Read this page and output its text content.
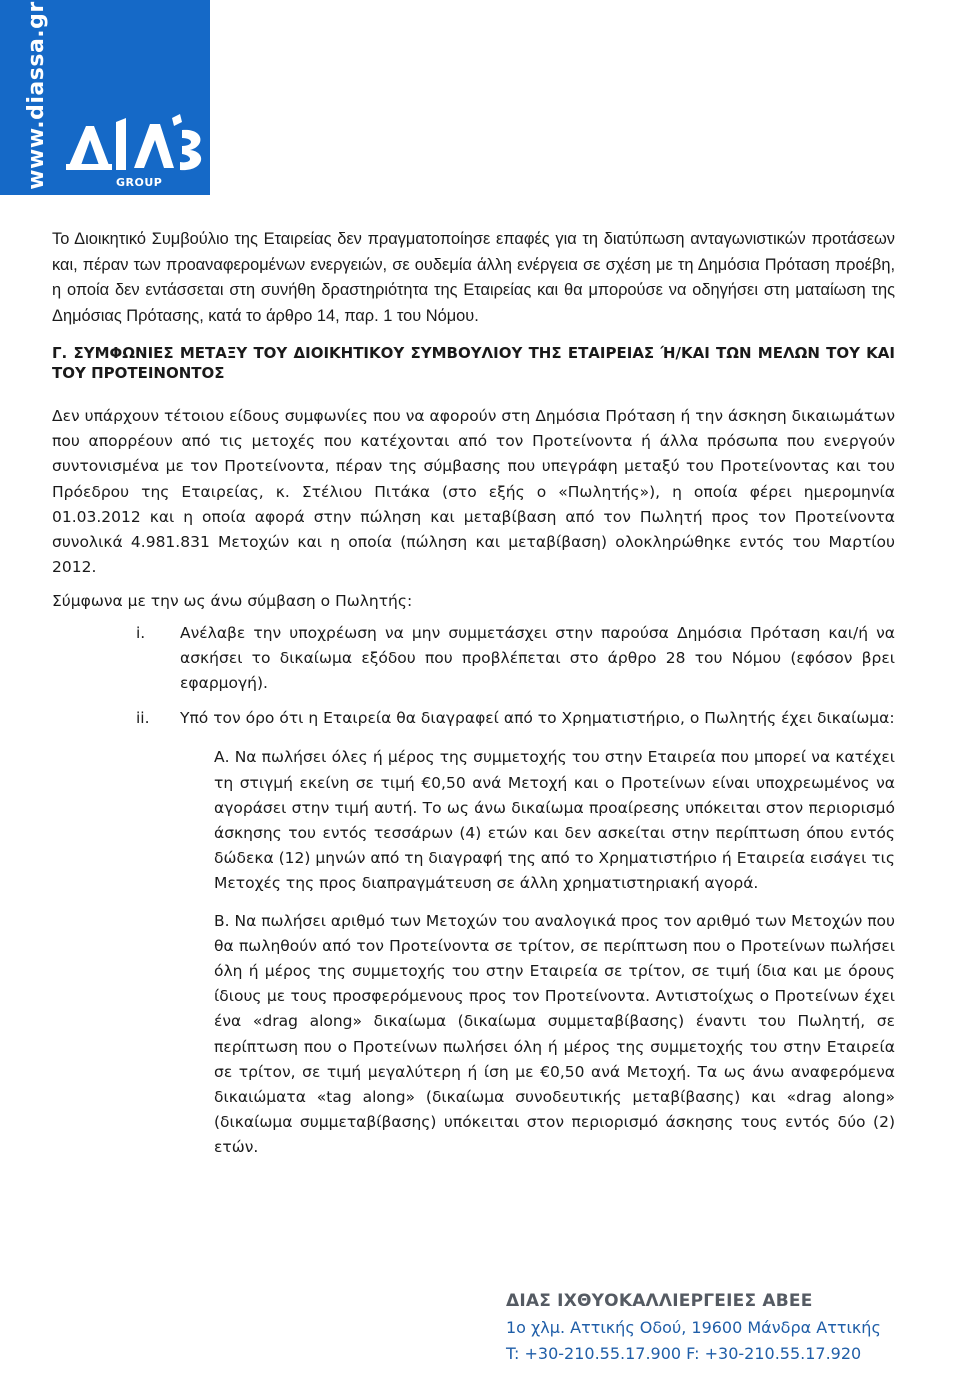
www.diassa.gr	GROUP

Το Διοικητικό Συμβούλιο της Εταιρείας δεν πραγματοποίησε επαφές για τη διατύπωση ανταγωνιστικών προτάσεων και, πέραν των προαναφερομένων ενεργειών, σε ουδεμία άλλη ενέργεια σε σχέση με τη Δημόσια Πρόταση προέβη, η οποία δεν εντάσσεται στη συνήθη δραστηριότητα της Εταιρείας και θα μπορούσε να οδηγήσει στη ματαίωση της Δημόσιας Πρότασης, κατά το άρθρο 14, παρ. 1 του Νόμου.

Γ. ΣΥΜΦΩΝΙΕΣ ΜΕΤΑΞΥ ΤΟΥ ΔΙΟΙΚΗΤΙΚΟΥ ΣΥΜΒΟΥΛΙΟΥ ΤΗΣ ΕΤΑΙΡΕΙΑΣ Ή/ΚΑΙ ΤΩΝ ΜΕΛΩΝ ΤΟΥ ΚΑΙ ΤΟΥ ΠΡΟΤΕΙΝΟΝΤΟΣ

Δεν υπάρχουν τέτοιου είδους συμφωνίες που να αφορούν στη Δημόσια Πρόταση ή την άσκηση δικαιωμάτων που απορρέουν από τις μετοχές που κατέχονται από τον Προτείνοντα ή άλλα πρόσωπα που ενεργούν συντονισμένα με τον Προτείνοντα, πέραν της σύμβασης που υπεγράφη μεταξύ του Προτείνοντας και του Πρόεδρου της Εταιρείας, κ. Στέλιου Πιτάκα (στο εξής ο «Πωλητής»), η οποία φέρει ημερομηνία 01.03.2012 και η οποία αφορά στην πώληση και μεταβίβαση από τον Πωλητή προς τον Προτείνοντα συνολικά 4.981.831 Μετοχών και η οποία (πώληση και μεταβίβαση) ολοκληρώθηκε εντός του Μαρτίου 2012.

Σύμφωνα με την ως άνω σύμβαση ο Πωλητής:

i.	Ανέλαβε την υποχρέωση να μην συμμετάσχει στην παρούσα Δημόσια Πρόταση και/ή να ασκήσει το δικαίωμα εξόδου που προβλέπεται στο άρθρο 28 του Νόμου (εφόσον βρει εφαρμογή).
ii.	Υπό τον όρο ότι η Εταιρεία θα διαγραφεί από το Χρηματιστήριο, ο Πωλητής έχει δικαίωμα:

Α. Να πωλήσει όλες ή μέρος της συμμετοχής του στην Εταιρεία που μπορεί να κατέχει τη στιγμή εκείνη σε τιμή €0,50 ανά Μετοχή και ο Προτείνων είναι υποχρεωμένος να αγοράσει στην τιμή αυτή. Το ως άνω δικαίωμα προαίρεσης υπόκειται στον περιορισμό άσκησης του εντός τεσσάρων (4) ετών και δεν ασκείται στην περίπτωση όπου εντός δώδεκα (12) μηνών από τη διαγραφή της από το Χρηματιστήριο ή Εταιρεία εισάγει τις Μετοχές της προς διαπραγμάτευση σε άλλη χρηματιστηριακή αγορά.

Β. Να πωλήσει αριθμό των Μετοχών του αναλογικά προς τον αριθμό των Μετοχών που θα πωληθούν από τον Προτείνοντα σε τρίτον, σε περίπτωση που ο Προτείνων πωλήσει όλη ή μέρος της συμμετοχής του στην Εταιρεία σε τρίτον, σε τιμή ίδια και με όρους ίδιους με τους προσφερόμενους προς τον Προτείνοντα. Αντιστοίχως ο Προτείνων έχει ένα «drag along» δικαίωμα (δικαίωμα συμμεταβίβασης) έναντι του Πωλητή, σε περίπτωση που ο Προτείνων πωλήσει όλη ή μέρος της συμμετοχής του στην Εταιρεία σε τρίτον, σε τιμή μεγαλύτερη ή ίση με €0,50 ανά Μετοχή. Τα ως άνω αναφερόμενα δικαιώματα «tag along» (δικαίωμα συνοδευτικής μεταβίβασης) και «drag along» (δικαίωμα συμμεταβίβασης) υπόκειται στον περιορισμό άσκησης τους εντός δύο (2) ετών.

ΔΙΑΣ ΙΧΘΥΟΚΑΛΛΙΕΡΓΕΙΕΣ ΑΒΕΕ

1ο χλμ. Αττικής Οδού, 19600 Μάνδρα Αττικής

T: +30-210.55.17.900 F: +30-210.55.17.920
